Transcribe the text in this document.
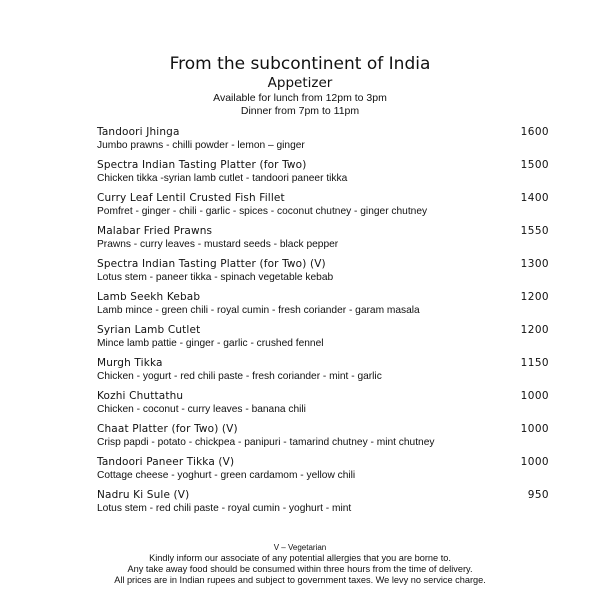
From the subcontinent of India
Appetizer
Available for lunch from 12pm to 3pm
Dinner from 7pm to 11pm
Tandoori Jhinga
Jumbo prawns - chilli powder - lemon – ginger
1600
Spectra Indian Tasting Platter (for Two)
Chicken tikka -syrian lamb cutlet - tandoori paneer tikka
1500
Curry Leaf Lentil Crusted Fish Fillet
Pomfret - ginger - chili - garlic - spices - coconut chutney - ginger chutney
1400
Malabar Fried Prawns
Prawns - curry leaves - mustard seeds - black pepper
1550
Spectra Indian Tasting Platter (for Two) (V)
Lotus stem - paneer tikka - spinach vegetable kebab
1300
Lamb Seekh Kebab
Lamb mince - green chili - royal cumin - fresh coriander - garam masala
1200
Syrian Lamb Cutlet
Mince lamb pattie - ginger - garlic - crushed fennel
1200
Murgh Tikka
Chicken - yogurt - red chili paste - fresh coriander - mint - garlic
1150
Kozhi Chuttathu
Chicken - coconut - curry leaves - banana chili
1000
Chaat Platter (for Two) (V)
Crisp papdi - potato - chickpea - panipuri - tamarind chutney - mint chutney
1000
Tandoori Paneer Tikka (V)
Cottage cheese - yoghurt - green cardamom - yellow chili
1000
Nadru Ki Sule (V)
Lotus stem - red chili paste - royal cumin - yoghurt - mint
950
V – Vegetarian
Kindly inform our associate of any potential allergies that you are borne to.
Any take away food should be consumed within three hours from the time of delivery.
All prices are in Indian rupees and subject to government taxes. We levy no service charge.
